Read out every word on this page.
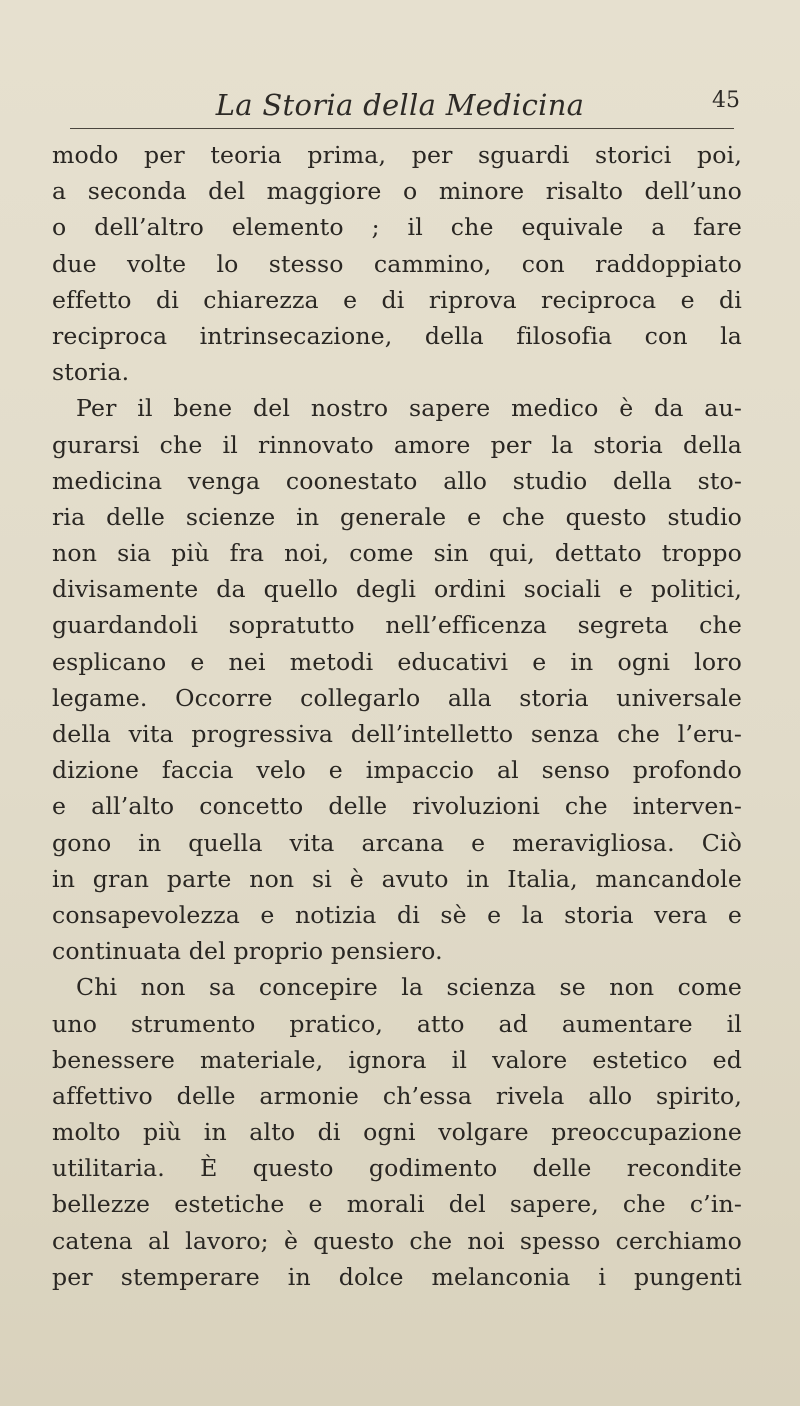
La Storia della Medicina	45
modo per teoria prima, per sguardi storici poi,
a seconda del maggiore o minore risalto dell’uno
o dell’altro elemento ; il che equivale a fare
due volte lo stesso cammino, con raddoppiato
effetto di chiarezza e di riprova reciproca e di
reciproca intrinsecazione, della filosofia con la
storia.
Per il bene del nostro sapere medico è da au-
gurarsi che il rinnovato amore per la storia della
medicina venga coonestato allo studio della sto-
ria delle scienze in generale e che questo studio
non sia più fra noi, come sin qui, dettato troppo
divisamente da quello degli ordini sociali e politici,
guardandoli sopratutto nell’efficenza segreta che
esplicano e nei metodi educativi e in ogni loro
legame. Occorre collegarlo alla storia universale
della vita progressiva dell’intelletto senza che l’eru-
dizione faccia velo e impaccio al senso profondo
e all’alto concetto delle rivoluzioni che interven-
gono in quella vita arcana e meravigliosa. Ciò
in gran parte non si è avuto in Italia, mancandole
consapevolezza e notizia di sè e la storia vera e
continuata del proprio pensiero.
Chi non sa concepire la scienza se non come
uno strumento pratico, atto ad aumentare il
benessere materiale, ignora il valore estetico ed
affettivo delle armonie ch’essa rivela allo spirito,
molto più in alto di ogni volgare preoccupazione
utilitaria. È questo godimento delle recondite
bellezze estetiche e morali del sapere, che c’in-
catena al lavoro; è questo che noi spesso cerchiamo
per stemperare in dolce melanconia i pungenti
